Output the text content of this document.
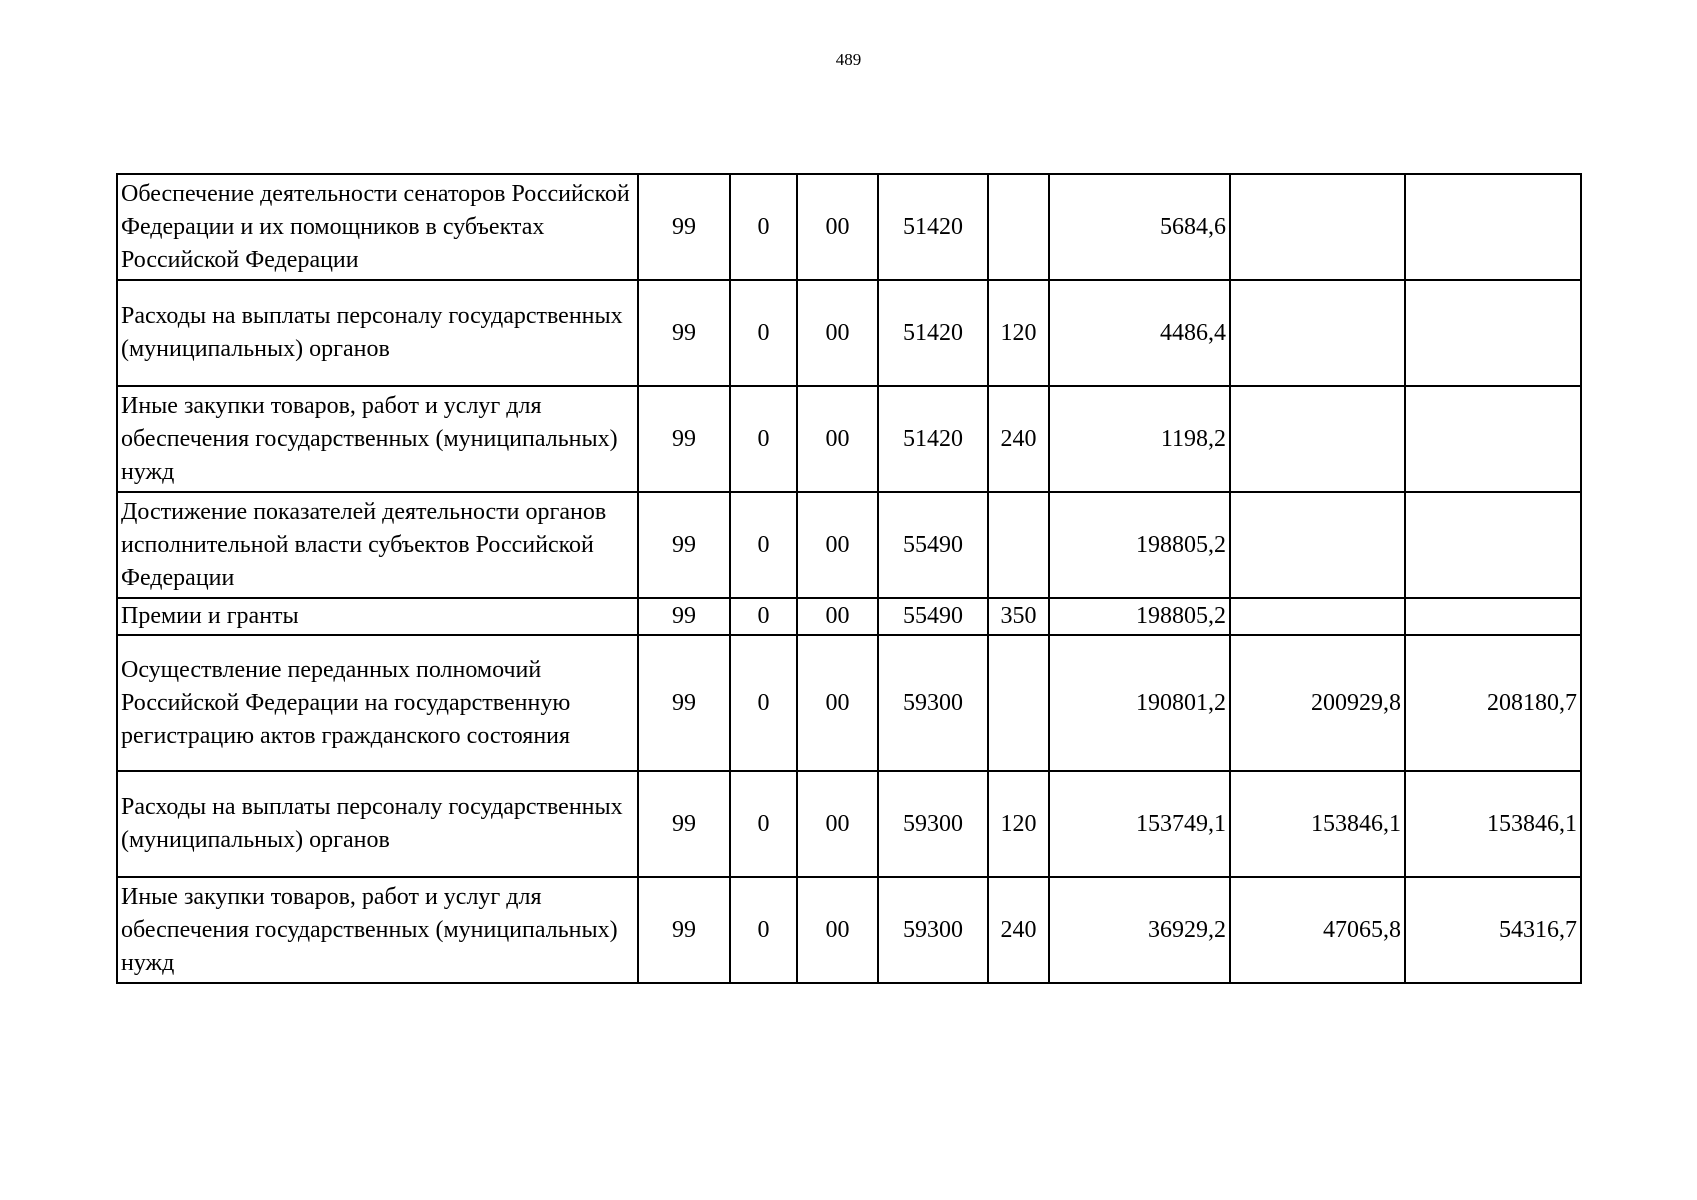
489
Обеспечение деятельности сенаторов Российской Федерации и их помощников в субъектах Российской Федерации	99	0	00	51420		5684,6		
Расходы на выплаты персоналу государственных (муниципальных) органов	99	0	00	51420	120	4486,4		
Иные закупки товаров, работ и услуг для обеспечения государственных (муниципальных) нужд	99	0	00	51420	240	1198,2		
Достижение показателей деятельности органов исполнительной власти субъектов Российской Федерации	99	0	00	55490		198805,2		
Премии и гранты	99	0	00	55490	350	198805,2		
Осуществление переданных полномочий Российской Федерации на государственную регистрацию актов гражданского состояния	99	0	00	59300		190801,2	200929,8	208180,7
Расходы на выплаты персоналу государственных (муниципальных) органов	99	0	00	59300	120	153749,1	153846,1	153846,1
Иные закупки товаров, работ и услуг для обеспечения государственных (муниципальных) нужд	99	0	00	59300	240	36929,2	47065,8	54316,7
